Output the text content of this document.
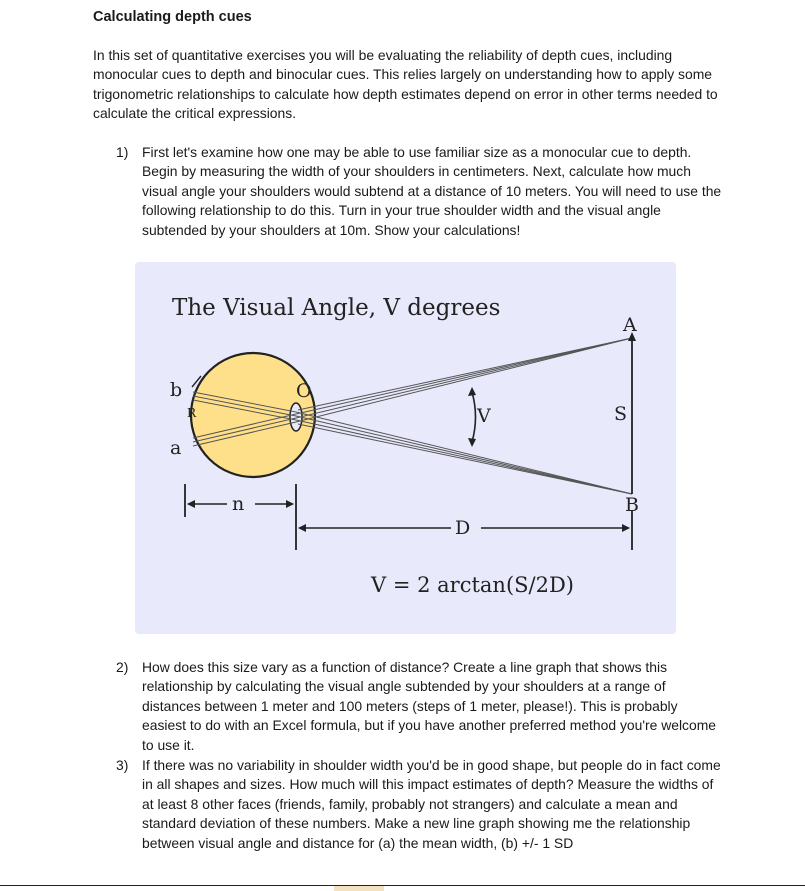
Calculating depth cues
In this set of quantitative exercises you will be evaluating the reliability of depth cues, including monocular cues to depth and binocular cues. This relies largely on understanding how to apply some trigonometric relationships to calculate how depth estimates depend on error in other terms needed to calculate the critical expressions.
1) First let's examine how one may be able to use familiar size as a monocular cue to depth. Begin by measuring the width of your shoulders in centimeters. Next, calculate how much visual angle your shoulders would subtend at a distance of 10 meters. You will need to use the following relationship to do this. Turn in your true shoulder width and the visual angle subtended by your shoulders at 10m. Show your calculations!
The Visual Angle, V degrees
A
B
S
V
O
b
a
R
n
D
V = 2 arctan(S/2D)
2) How does this size vary as a function of distance? Create a line graph that shows this relationship by calculating the visual angle subtended by your shoulders at a range of distances between 1 meter and 100 meters (steps of 1 meter, please!). This is probably easiest to do with an Excel formula, but if you have another preferred method you're welcome to use it.
3) If there was no variability in shoulder width you'd be in good shape, but people do in fact come in all shapes and sizes. How much will this impact estimates of depth? Measure the widths of at least 8 other faces (friends, family, probably not strangers) and calculate a mean and standard deviation of these numbers. Make a new line graph showing me the relationship between visual angle and distance for (a) the mean width, (b) +/- 1 SD
